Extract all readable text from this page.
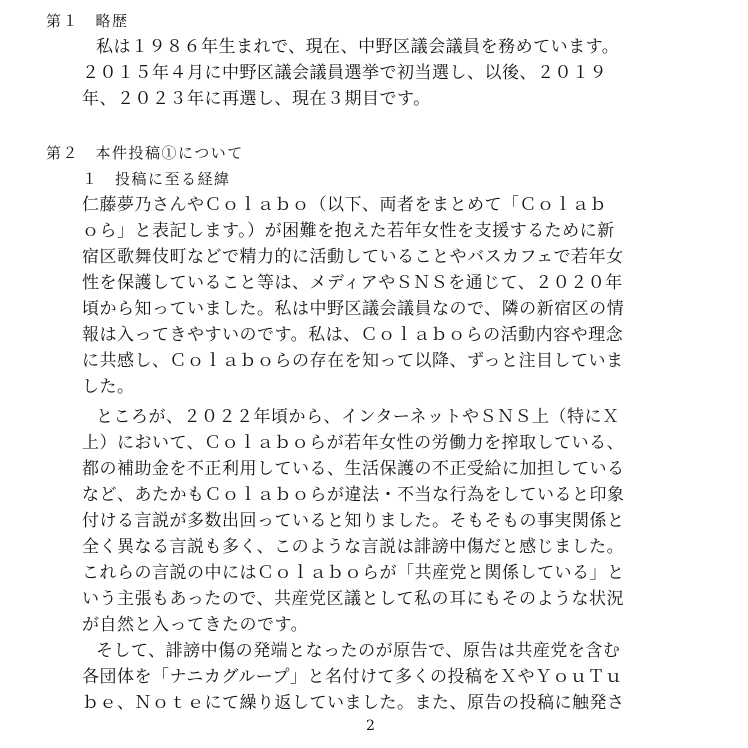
第１　略歴
私は１９８６年生まれで、現在、中野区議会議員を務めています。
２０１５年４月に中野区議会議員選挙で初当選し、以後、２０１９
年、２０２３年に再選し、現在３期目です。
第２　本件投稿①について
１　投稿に至る経緯
仁藤夢乃さんやＣｏｌａｂｏ（以下、両者をまとめて「Ｃｏｌａｂ
ｏら」と表記します。）が困難を抱えた若年女性を支援するために新
宿区歌舞伎町などで精力的に活動していることやバスカフェで若年女
性を保護していること等は、メディアやＳＮＳを通じて、２０２０年
頃から知っていました。私は中野区議会議員なので、隣の新宿区の情
報は入ってきやすいのです。私は、Ｃｏｌａｂｏらの活動内容や理念
に共感し、Ｃｏｌａｂｏらの存在を知って以降、ずっと注目していま
した。
ところが、２０２２年頃から、インターネットやＳＮＳ上（特にＸ
上）において、Ｃｏｌａｂｏらが若年女性の労働力を搾取している、
都の補助金を不正利用している、生活保護の不正受給に加担している
など、あたかもＣｏｌａｂｏらが違法・不当な行為をしていると印象
付ける言説が多数出回っていると知りました。そもそもの事実関係と
全く異なる言説も多く、このような言説は誹謗中傷だと感じました。
これらの言説の中にはＣｏｌａｂｏらが「共産党と関係している」と
いう主張もあったので、共産党区議として私の耳にもそのような状況
が自然と入ってきたのです。
そして、誹謗中傷の発端となったのが原告で、原告は共産党を含む
各団体を「ナニカグループ」と名付けて多くの投稿をＸやＹｏｕＴｕ
ｂｅ、Ｎｏｔｅにて繰り返していました。また、原告の投稿に触発さ
2
